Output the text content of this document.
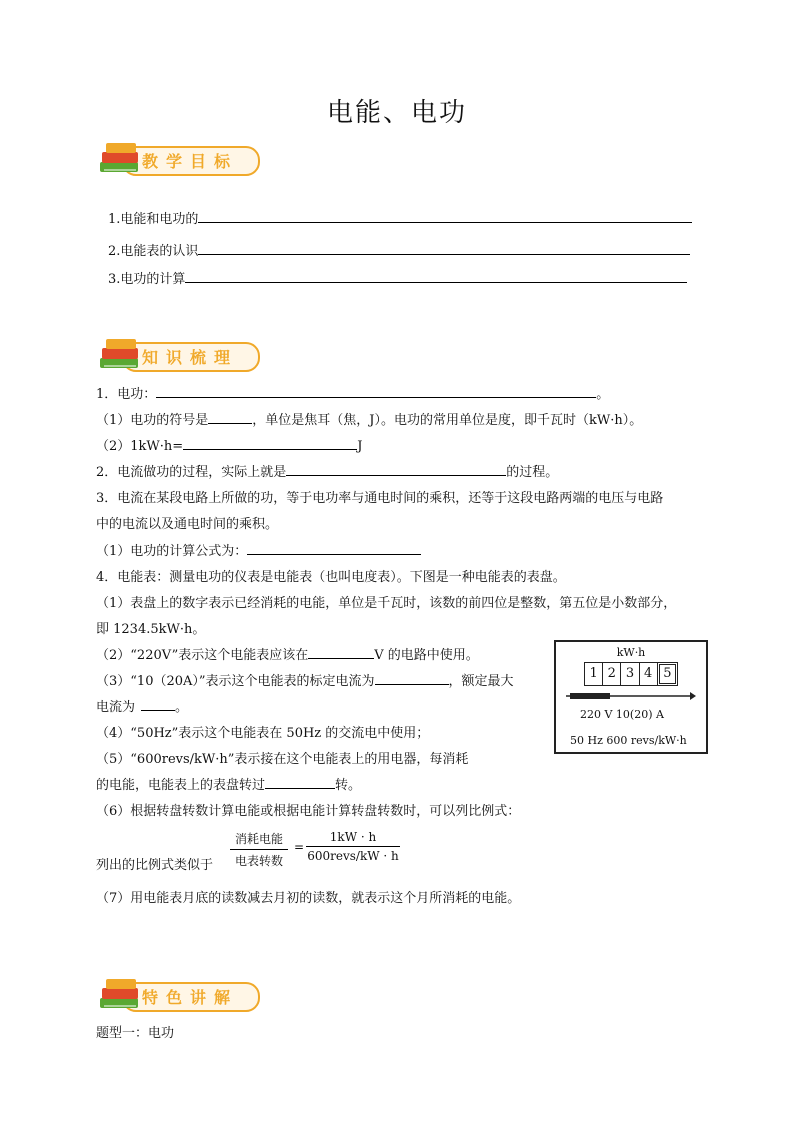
电能、电功
教学目标
1.电能和电功的
2.电能表的认识
3.电功的计算
知识梳理
1．电功：	。
（1）电功的符号是	，单位是焦耳（焦，J）。电功的常用单位是度，即千瓦时（kW·h）。
（2）1kW·h=	J
2．电流做功的过程，实际上就是	的过程。
3．电流在某段电路上所做的功，等于电功率与通电时间的乘积，还等于这段电路两端的电压与电路
中的电流以及通电时间的乘积。
（1）电功的计算公式为：
4．电能表：测量电功的仪表是电能表（也叫电度表）。下图是一种电能表的表盘。
（1）表盘上的数字表示已经消耗的电能，单位是千瓦时，该数的前四位是整数，第五位是小数部分，
即 1234.5kW·h。
（2）“220V”表示这个电能表应该在	V 的电路中使用。
（3）“10（20A）”表示这个电能表的标定电流为	，额定最大
电流为	。
（4）“50Hz”表示这个电能表在 50Hz 的交流电中使用；
（5）“600revs/kW·h”表示接在这个电能表上的用电器，每消耗
的电能，电能表上的表盘转过	转。
（6）根据转盘转数计算电能或根据电能计算转盘转数时，可以列比例式：
列出的比例式类似于
消耗电能
电表转数
=
1kW · h
600revs/kW · h
（7）用电能表月底的读数减去月初的读数，就表示这个月所消耗的电能。
kW·h
1 2 3 4 5
220 V 10(20) A
50 Hz 600 revs/kW·h
特色讲解
题型一：电功
